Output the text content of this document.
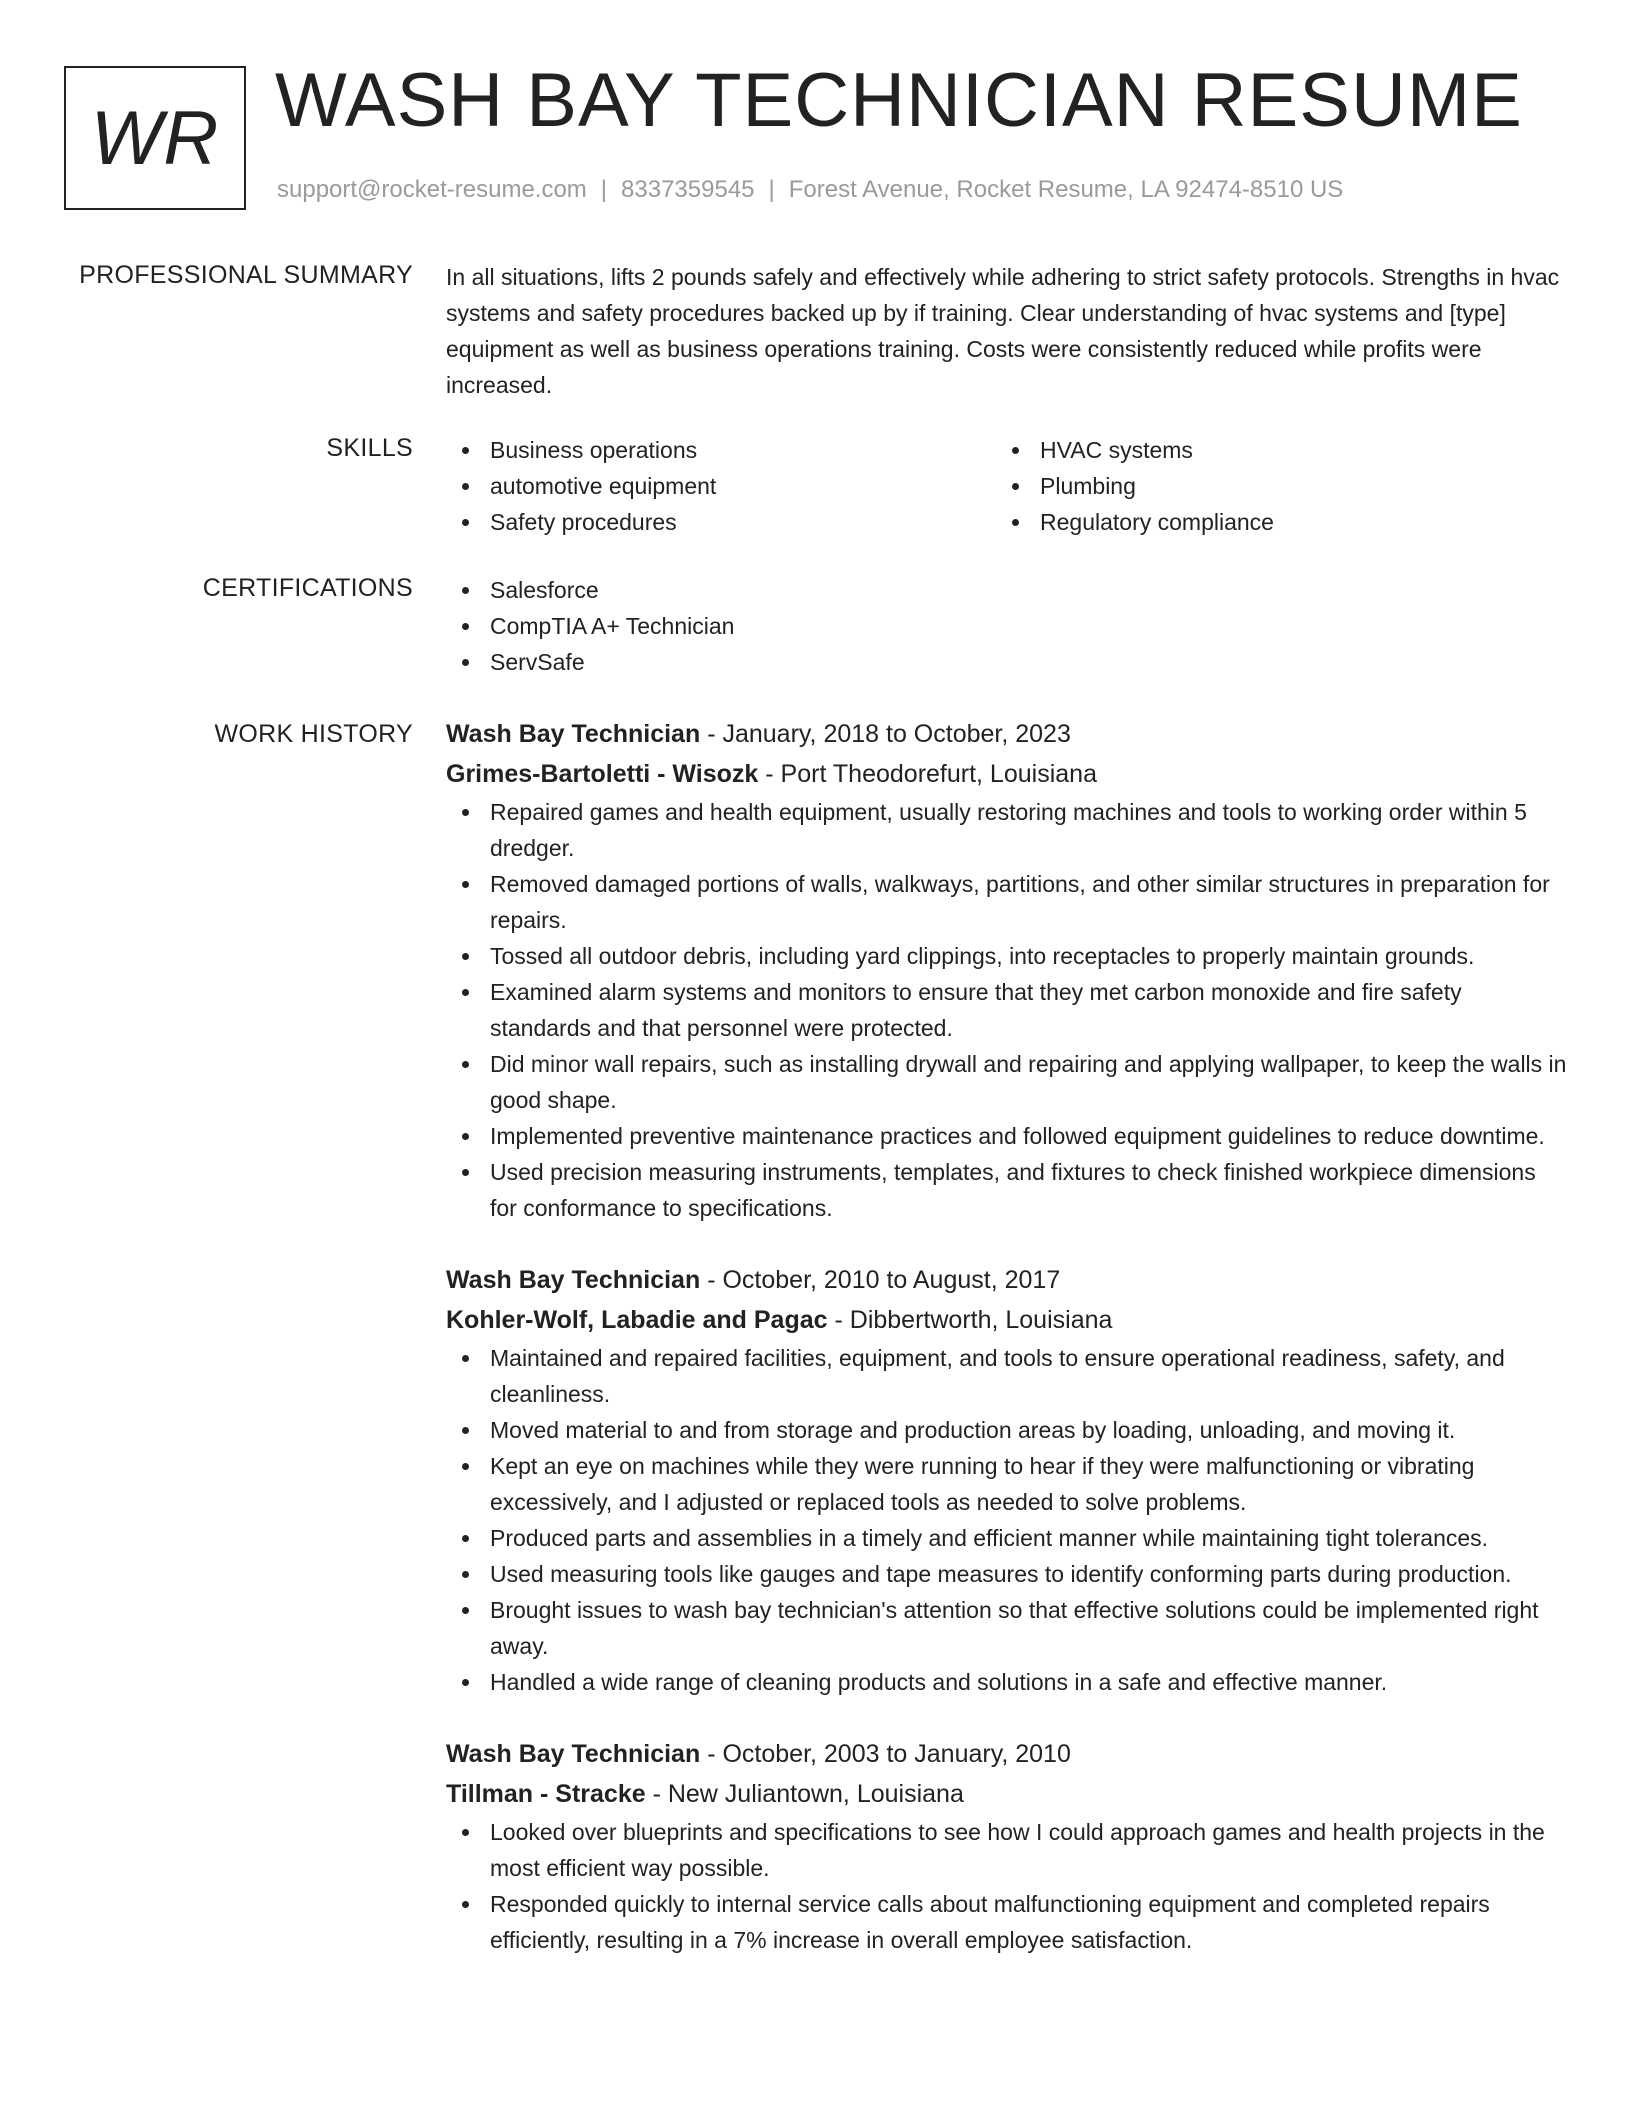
WR WASH BAY TECHNICIAN RESUME
support@rocket-resume.com | 8337359545 | Forest Avenue, Rocket Resume, LA 92474-8510 US
PROFESSIONAL SUMMARY In all situations, lifts 2 pounds safely and effectively while adhering to strict safety protocols. Strengths in hvac systems and safety procedures backed up by if training. Clear understanding of hvac systems and [type] equipment as well as business operations training. Costs were consistently reduced while profits were increased.
SKILLS	Business operations
automotive equipment
Safety procedures
HVAC systems
Plumbing
Regulatory compliance
CERTIFICATIONS	Salesforce
CompTIA A+ Technician
ServSafe
WORK HISTORY Wash Bay Technician - January, 2018 to October, 2023
Grimes-Bartoletti - Wisozk - Port Theodorefurt, Louisiana
Repaired games and health equipment, usually restoring machines and tools to working order within 5 dredger.
Removed damaged portions of walls, walkways, partitions, and other similar structures in preparation for repairs.
Tossed all outdoor debris, including yard clippings, into receptacles to properly maintain grounds.
Examined alarm systems and monitors to ensure that they met carbon monoxide and fire safety standards and that personnel were protected.
Did minor wall repairs, such as installing drywall and repairing and applying wallpaper, to keep the walls in good shape.
Implemented preventive maintenance practices and followed equipment guidelines to reduce downtime.
Used precision measuring instruments, templates, and fixtures to check finished workpiece dimensions for conformance to specifications.
Wash Bay Technician - October, 2010 to August, 2017
Kohler-Wolf, Labadie and Pagac - Dibbertworth, Louisiana
Maintained and repaired facilities, equipment, and tools to ensure operational readiness, safety, and cleanliness.
Moved material to and from storage and production areas by loading, unloading, and moving it.
Kept an eye on machines while they were running to hear if they were malfunctioning or vibrating excessively, and I adjusted or replaced tools as needed to solve problems.
Produced parts and assemblies in a timely and efficient manner while maintaining tight tolerances.
Used measuring tools like gauges and tape measures to identify conforming parts during production.
Brought issues to wash bay technician's attention so that effective solutions could be implemented right away.
Handled a wide range of cleaning products and solutions in a safe and effective manner.
Wash Bay Technician - October, 2003 to January, 2010
Tillman - Stracke - New Juliantown, Louisiana
Looked over blueprints and specifications to see how I could approach games and health projects in the most efficient way possible.
Responded quickly to internal service calls about malfunctioning equipment and completed repairs efficiently, resulting in a 7% increase in overall employee satisfaction.
